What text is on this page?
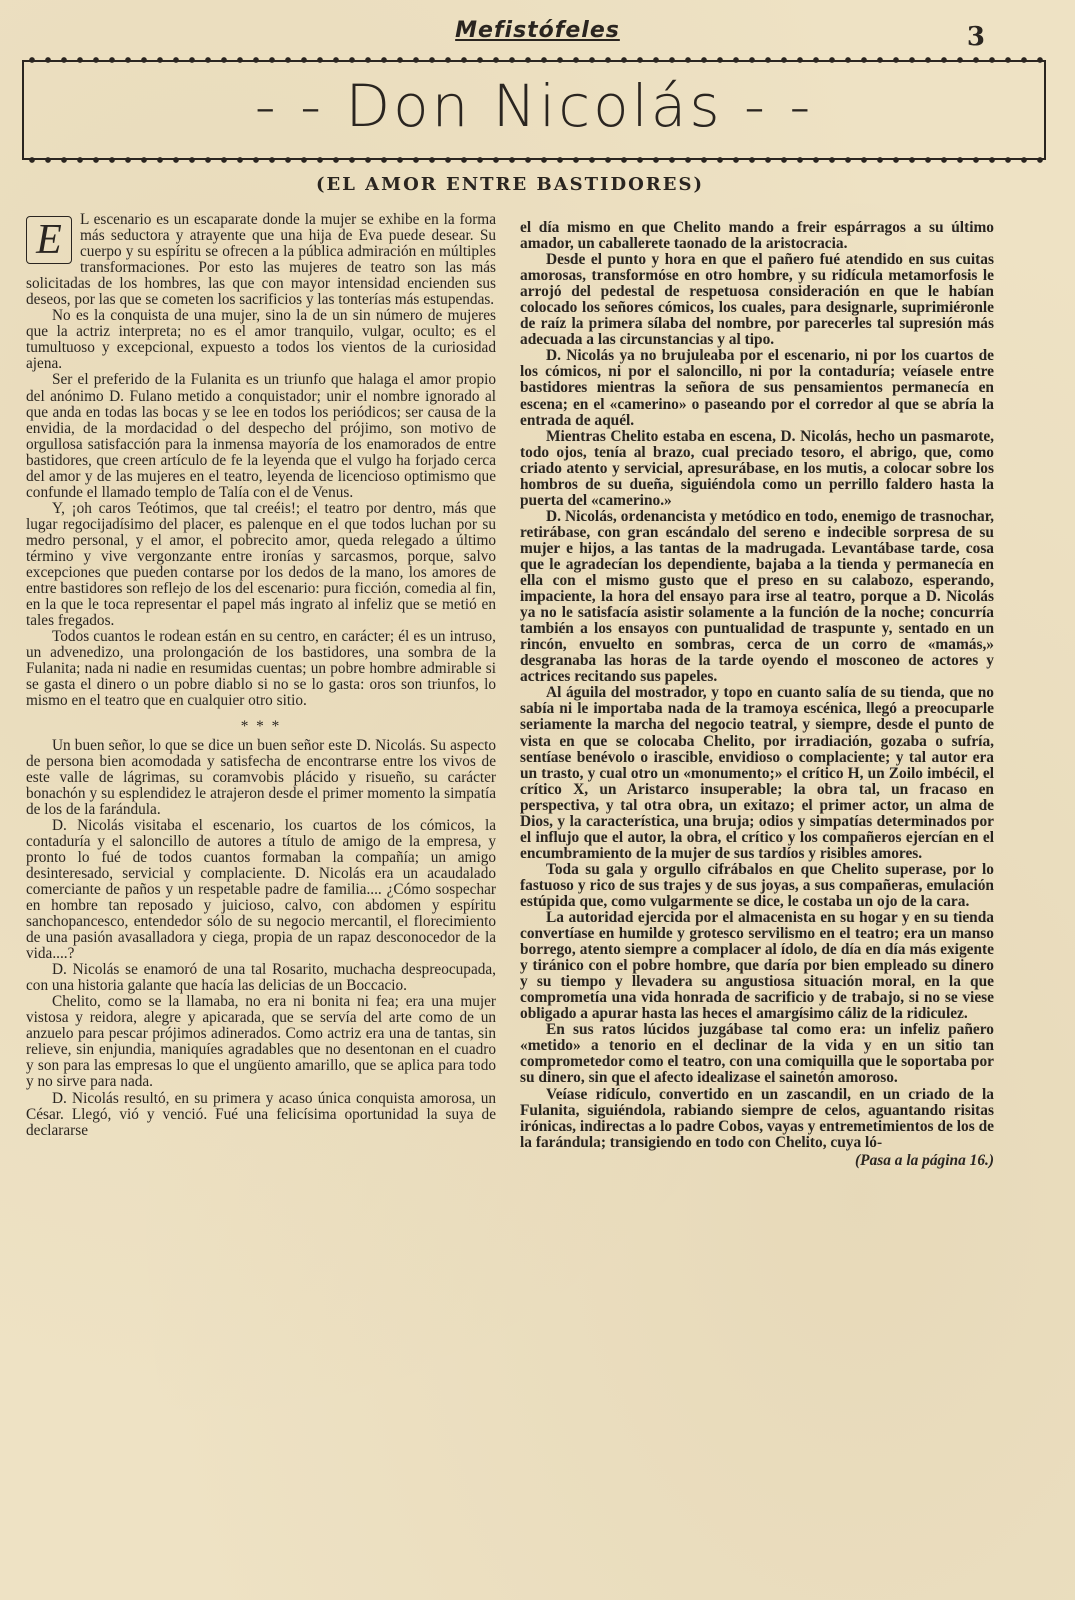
Mefistófeles	3
- - Don Nicolás - -
(EL AMOR ENTRE BASTIDORES)

E	L escenario es un escaparate donde la mujer se exhibe en la forma más seductora y atrayente que una hija de Eva puede desear. Su cuerpo y su espíritu se ofrecen a la pública admiración en múltiples transformaciones. Por esto las mujeres de teatro son las más solicitadas de los hombres, las que con mayor intensidad encienden sus deseos, por las que se cometen los sacrificios y las tonterías más estupendas.

No es la conquista de una mujer, sino la de un sin número de mujeres que la actriz interpreta; no es el amor tranquilo, vulgar, oculto; es el tumultuoso y excepcional, expuesto a todos los vientos de la curiosidad ajena.

Ser el preferido de la Fulanita es un triunfo que halaga el amor propio del anónimo D. Fulano metido a conquistador; unir el nombre ignorado al que anda en todas las bocas y se lee en todos los periódicos; ser causa de la envidia, de la mordacidad o del despecho del prójimo, son motivo de orgullosa satisfacción para la inmensa mayoría de los enamorados de entre bastidores, que creen artículo de fe la leyenda que el vulgo ha forjado cerca del amor y de las mujeres en el teatro, leyenda de licencioso optimismo que confunde el llamado templo de Talía con el de Venus.

Y, ¡oh caros Teótimos, que tal creéis!; el teatro por dentro, más que lugar regocijadísimo del placer, es palenque en el que todos luchan por su medro personal, y el amor, el pobrecito amor, queda relegado a último término y vive vergonzante entre ironías y sarcasmos, porque, salvo excepciones que pueden contarse por los dedos de la mano, los amores de entre bastidores son reflejo de los del escenario: pura ficción, comedia al fin, en la que le toca representar el papel más ingrato al infeliz que se metió en tales fregados.

Todos cuantos le rodean están en su centro, en carácter; él es un intruso, un advenedizo, una prolongación de los bastidores, una sombra de la Fulanita; nada ni nadie en resumidas cuentas; un pobre hombre admirable si se gasta el dinero o un pobre diablo si no se lo gasta: oros son triunfos, lo mismo en el teatro que en cualquier otro sitio.

* * *

Un buen señor, lo que se dice un buen señor este D. Nicolás. Su aspecto de persona bien acomodada y satisfecha de encontrarse entre los vivos de este valle de lágrimas, su coramvobis plácido y risueño, su carácter bonachón y su esplendidez le atrajeron desde el primer momento la simpatía de los de la farándula.

D. Nicolás visitaba el escenario, los cuartos de los cómicos, la contaduría y el saloncillo de autores a título de amigo de la empresa, y pronto lo fué de todos cuantos formaban la compañía; un amigo desinteresado, servicial y complaciente. D. Nicolás era un acaudalado comerciante de paños y un respetable padre de familia.... ¿Cómo sospechar en hombre tan reposado y juicioso, calvo, con abdomen y espíritu sanchopancesco, entendedor sólo de su negocio mercantil, el florecimiento de una pasión avasalladora y ciega, propia de un rapaz desconocedor de la vida....?

D. Nicolás se enamoró de una tal Rosarito, muchacha despreocupada, con una historia galante que hacía las delicias de un Boccacio.

Chelito, como se la llamaba, no era ni bonita ni fea; era una mujer vistosa y reidora, alegre y apicarada, que se servía del arte como de un anzuelo para pescar prójimos adinerados. Como actriz era una de tantas, sin relieve, sin enjundia, maniquíes agradables que no desentonan en el cuadro y son para las empresas lo que el ungüento amarillo, que se aplica para todo y no sirve para nada.

D. Nicolás resultó, en su primera y acaso única conquista amorosa, un César. Llegó, vió y venció. Fué una felicísima oportunidad la suya de declararse

el día mismo en que Chelito mando a freir espárragos a su último amador, un caballerete taonado de la aristocracia.

Desde el punto y hora en que el pañero fué atendido en sus cuitas amorosas, transformóse en otro hombre, y su ridícula metamorfosis le arrojó del pedestal de respetuosa consideración en que le habían colocado los señores cómicos, los cuales, para designarle, suprimiéronle de raíz la primera sílaba del nombre, por parecerles tal supresión más adecuada a las circunstancias y al tipo.

D. Nicolás ya no brujuleaba por el escenario, ni por los cuartos de los cómicos, ni por el saloncillo, ni por la contaduría; veíasele entre bastidores mientras la señora de sus pensamientos permanecía en escena; en el «camerino» o paseando por el corredor al que se abría la entrada de aquél.

Mientras Chelito estaba en escena, D. Nicolás, hecho un pasmarote, todo ojos, tenía al brazo, cual preciado tesoro, el abrigo, que, como criado atento y servicial, apresurábase, en los mutis, a colocar sobre los hombros de su dueña, siguiéndola como un perrillo faldero hasta la puerta del «camerino.»

D. Nicolás, ordenancista y metódico en todo, enemigo de trasnochar, retirábase, con gran escándalo del sereno e indecible sorpresa de su mujer e hijos, a las tantas de la madrugada. Levantábase tarde, cosa que le agradecían los dependiente, bajaba a la tienda y permanecía en ella con el mismo gusto que el preso en su calabozo, esperando, impaciente, la hora del ensayo para irse al teatro, porque a D. Nicolás ya no le satisfacía asistir solamente a la función de la noche; concurría también a los ensayos con puntualidad de traspunte y, sentado en un rincón, envuelto en sombras, cerca de un corro de «mamás,» desgranaba las horas de la tarde oyendo el mosconeo de actores y actrices recitando sus papeles.

Al águila del mostrador, y topo en cuanto salía de su tienda, que no sabía ni le importaba nada de la tramoya escénica, llegó a preocuparle seriamente la marcha del negocio teatral, y siempre, desde el punto de vista en que se colocaba Chelito, por irradiación, gozaba o sufría, sentíase benévolo o irascible, envidioso o complaciente; y tal autor era un trasto, y cual otro un «monumento;» el crítico H, un Zoilo imbécil, el crítico X, un Aristarco insuperable; la obra tal, un fracaso en perspectiva, y tal otra obra, un exitazo; el primer actor, un alma de Dios, y la característica, una bruja; odios y simpatías determinados por el influjo que el autor, la obra, el crítico y los compañeros ejercían en el encumbramiento de la mujer de sus tardíos y risibles amores.

Toda su gala y orgullo cifrábalos en que Chelito superase, por lo fastuoso y rico de sus trajes y de sus joyas, a sus compañeras, emulación estúpida que, como vulgarmente se dice, le costaba un ojo de la cara.

La autoridad ejercida por el almacenista en su hogar y en su tienda convertíase en humilde y grotesco servilismo en el teatro; era un manso borrego, atento siempre a complacer al ídolo, de día en día más exigente y tiránico con el pobre hombre, que daría por bien empleado su dinero y su tiempo y llevadera su angustiosa situación moral, en la que comprometía una vida honrada de sacrificio y de trabajo, si no se viese obligado a apurar hasta las heces el amargísimo cáliz de la ridiculez.

En sus ratos lúcidos juzgábase tal como era: un infeliz pañero «metido» a tenorio en el declinar de la vida y en un sitio tan comprometedor como el teatro, con una comiquilla que le soportaba por su dinero, sin que el afecto idealizase el sainetón amoroso.

Veíase ridículo, convertido en un zascandil, en un criado de la Fulanita, siguiéndola, rabiando siempre de celos, aguantando risitas irónicas, indirectas a lo padre Cobos, vayas y entremetimientos de los de la farándula; transigiendo en todo con Chelito, cuya ló-

(Pasa a la página 16.)
